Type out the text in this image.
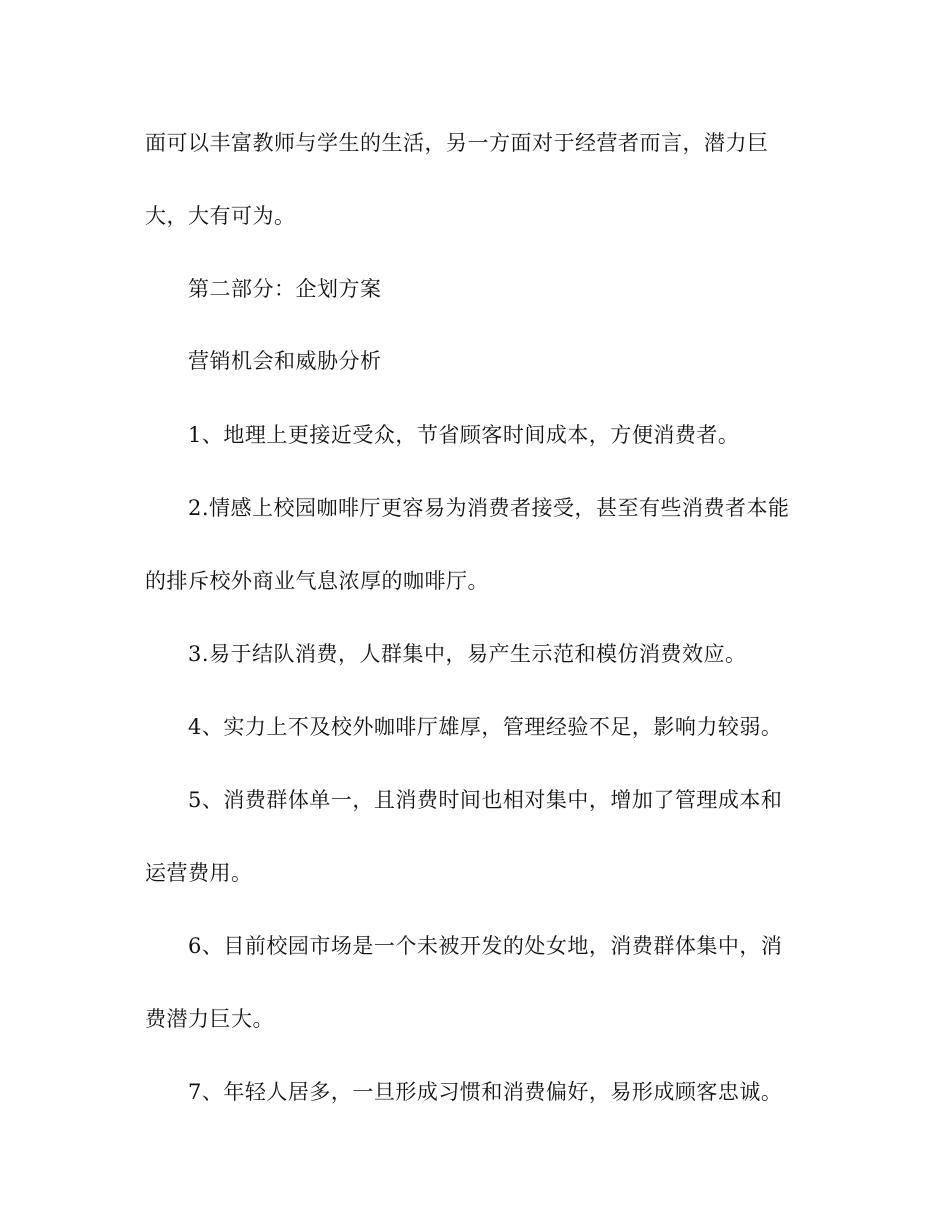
面可以丰富教师与学生的生活，另一方面对于经营者而言，潜力巨
大，大有可为。
第二部分：企划方案
营销机会和威胁分析
1、地理上更接近受众，节省顾客时间成本，方便消费者。
2.情感上校园咖啡厅更容易为消费者接受，甚至有些消费者本能
的排斥校外商业气息浓厚的咖啡厅。
3.易于结队消费，人群集中，易产生示范和模仿消费效应。
4、实力上不及校外咖啡厅雄厚，管理经验不足，影响力较弱。
5、消费群体单一，且消费时间也相对集中，增加了管理成本和
运营费用。
6、目前校园市场是一个未被开发的处女地，消费群体集中，消
费潜力巨大。
7、年轻人居多，一旦形成习惯和消费偏好，易形成顾客忠诚。
